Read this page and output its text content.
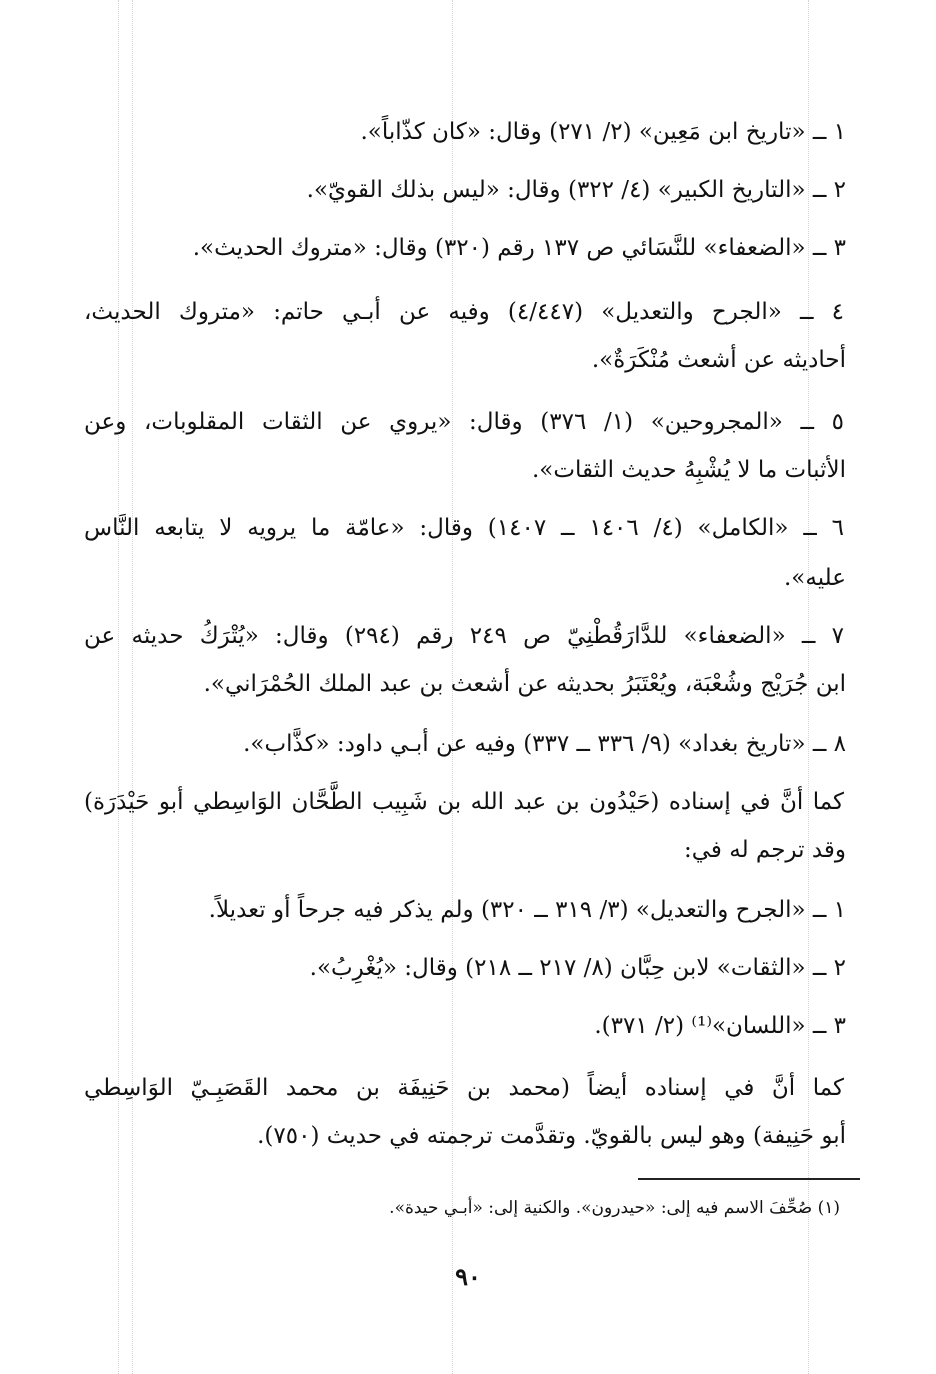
١ ــ «تاريخ ابن مَعِين» (٢/ ٢٧١) وقال: «كان كذّاباً».
٢ ــ «التاريخ الكبير» (٤/ ٣٢٢) وقال: «ليس بذلك القويّ».
٣ ــ «الضعفاء» للنَّسَائي ص ١٣٧ رقم (٣٢٠) وقال: «متروك الحديث».
٤ ــ «الجرح والتعديل» (٤/٤٤٧) وفيه عن أبـي حاتم: «متروك الحديث،
أحاديثه عن أشعث مُنْكَرَةٌ».
٥ ــ «المجروحين» (١/ ٣٧٦) وقال: «يروي عن الثقات المقلوبات، وعن
الأثبات ما لا يُشْبِهُ حديث الثقات».
٦ ــ «الكامل» (٤/ ١٤٠٦ ــ ١٤٠٧) وقال: «عامّة ما يرويه لا يتابعه النَّاس
عليه».
٧ ــ «الضعفاء» للدَّارَقُطْنِيّ ص ٢٤٩ رقم (٢٩٤) وقال: «يُتْرَكُ حديثه عن
ابن جُرَيْج وشُعْبَة، ويُعْتَبَرُ بحديثه عن أشعث بن عبد الملك الحُمْرَاني».
٨ ــ «تاريخ بغداد» (٩/ ٣٣٦ ــ ٣٣٧) وفيه عن أبـي داود: «كذَّاب».
كما أنَّ في إسناده (حَيْدُون بن عبد الله بن شَبِيب الطَّحَّان الوَاسِطي أبو حَيْدَرَة)
وقد ترجم له في:
١ ــ «الجرح والتعديل» (٣/ ٣١٩ ــ ٣٢٠) ولم يذكر فيه جرحاً أو تعديلاً.
٢ ــ «الثقات» لابن حِبَّان (٨/ ٢١٧ ــ ٢١٨) وقال: «يُغْرِبُ».
٣ ــ «اللسان»⁽¹⁾ (٢/ ٣٧١).
كما أنَّ في إسناده أيضاً (محمد بن حَنِيفَة بن محمد القَصَبِـيّ الوَاسِطي
أبو حَنِيفة) وهو ليس بالقويّ. وتقدَّمت ترجمته في حديث (٧٥٠).
(١) صُحِّفَ الاسم فيه إلى: «حيدرون». والكنية إلى: «أبـي حيدة».
٩٠
